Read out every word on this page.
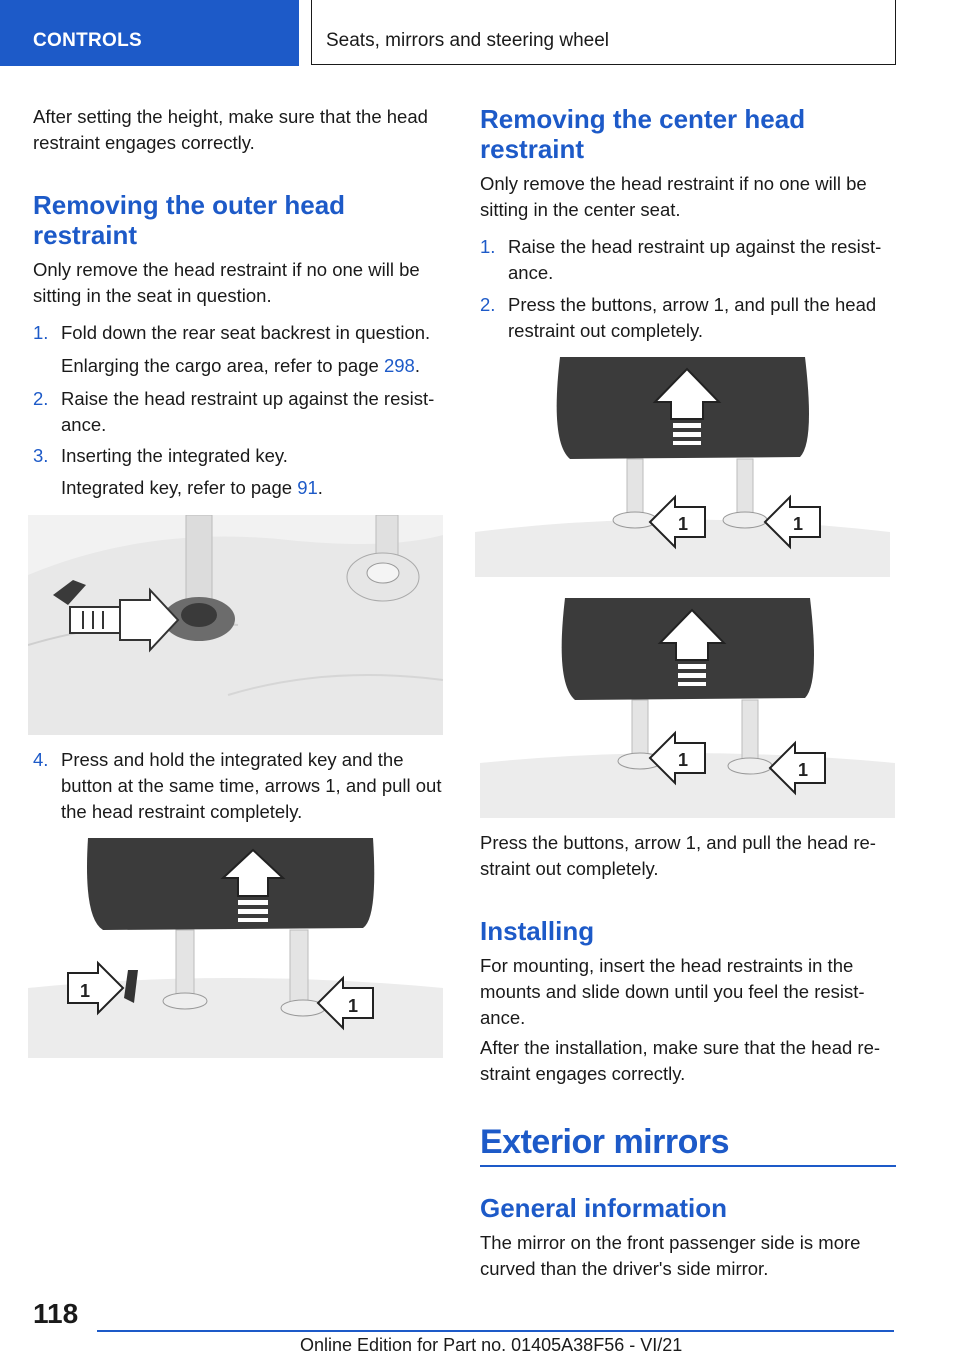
CONTROLS	Seats, mirrors and steering wheel

After setting the height, make sure that the head restraint engages correctly.

Removing the outer head restraint

Only remove the head restraint if no one will be sitting in the seat in question.

1. Fold down the rear seat backrest in question.
Enlarging the cargo area, refer to page 298.
2. Raise the head restraint up against the resist-ance.
3. Inserting the integrated key.
Integrated key, refer to page 91.
4. Press and hold the integrated key and the button at the same time, arrows 1, and pull out the head restraint completely.
1
1
Removing the center head restraint

Only remove the head restraint if no one will be sitting in the center seat.

1. Raise the head restraint up against the resist-ance.
2. Press the buttons, arrow 1, and pull the head restraint out completely.

Press the buttons, arrow 1, and pull the head re-straint out completely.

Installing

For mounting, insert the head restraints in the mounts and slide down until you feel the resist-ance.

After the installation, make sure that the head re-straint engages correctly.

Exterior mirrors
General information

The mirror on the front passenger side is more curved than the driver's side mirror.

1	1
1	1
118
Online Edition for Part no. 01405A38F56 - VI/21
